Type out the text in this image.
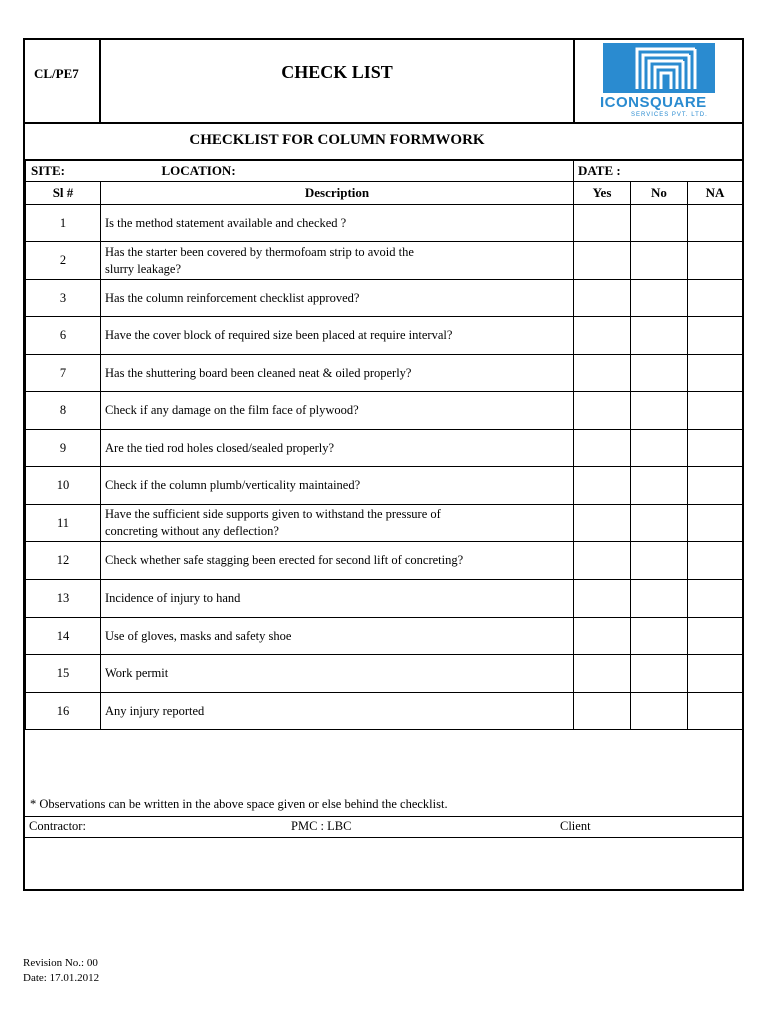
CL/PE7	CHECK LIST
ICONSQUARE
SERVICES PVT. LTD.
CHECKLIST FOR COLUMN FORMWORK
SITE:	LOCATION:	DATE :		
Sl #	Description	Yes	No	NA
1	Is the method statement available and checked ?			
2	Has the starter been covered by thermofoam strip to avoid the
slurry leakage?			
3	Has the column reinforcement checklist approved?			
6	Have the cover block of required size been placed at require interval?			
7	Has the shuttering board been cleaned neat & oiled properly?			
8	Check if any damage on the film face of plywood?			
9	Are the tied rod holes closed/sealed properly?			
10	Check if the column plumb/verticality maintained?			
11	Have the sufficient side supports given to withstand the pressure of
concreting without any deflection?			
12	Check whether safe stagging been erected for second lift of concreting?			
13	Incidence of injury to hand			
14	Use of gloves, masks and safety shoe			
15	Work permit			
16	Any injury reported			
* Observations can be written in the above space given or else behind the checklist.
Contractor:	PMC : LBC	Client
Revision No.: 00
Date: 17.01.2012
